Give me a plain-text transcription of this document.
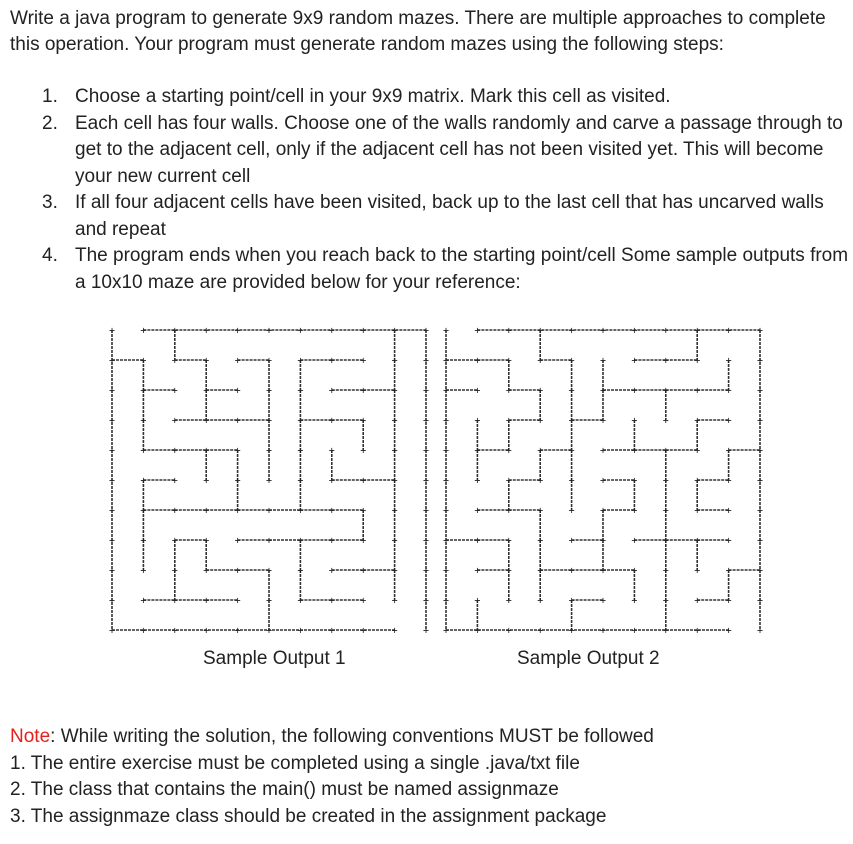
Write a java program to generate 9x9 random mazes. There are multiple approaches to complete this operation. Your program must generate random mazes using the following steps:
1. Choose a starting point/cell in your 9x9 matrix. Mark this cell as visited.
2. Each cell has four walls. Choose one of the walls randomly and carve a passage through to get to the adjacent cell, only if the adjacent cell has not been visited yet. This will become your new current cell
3. If all four adjacent cells have been visited, back up to the last cell that has uncarved walls and repeat
4. The program ends when you reach back to the starting point/cell Some sample outputs from a 10x10 maze are provided below for your reference:
+	+	+	+	+	+	+	+	+	+	+
+	+	+	+	+	+	+	+	+	+	+
+	+	+	+	+	+	+	+	+	+	+
+	+	+	+	+	+	+	+	+	+	+
+	+	+	+	+	+	+	+	+	+	+
+	+	+	+	+	+	+	+	+	+	+
+	+	+	+	+	+	+	+	+	+	+
+	+	+	+	+	+	+	+	+	+	+
+	+	+	+	+	+	+	+	+	+	+
+	+	+	+	+	+	+	+	+	+	+
+	+	+	+	+	+	+	+	+	+	+
+	+	+	+	+	+	+	+	+	+	+
+	+	+	+	+	+	+	+	+	+	+
+	+	+	+	+	+	+	+	+	+	+
+	+	+	+	+	+	+	+	+	+	+
+	+	+	+	+	+	+	+	+	+	+
+	+	+	+	+	+	+	+	+	+	+
+	+	+	+	+	+	+	+	+	+	+
+	+	+	+	+	+	+	+	+	+	+
+	+	+	+	+	+	+	+	+	+	+
+	+	+	+	+	+	+	+	+	+	+
+	+	+	+	+	+	+	+	+	+	+
Sample Output 1	Sample Output 2
Note: While writing the solution, the following conventions MUST be followed
1. The entire exercise must be completed using a single .java/txt file
2. The class that contains the main() must be named assignmaze
3. The assignmaze class should be created in the assignment package
